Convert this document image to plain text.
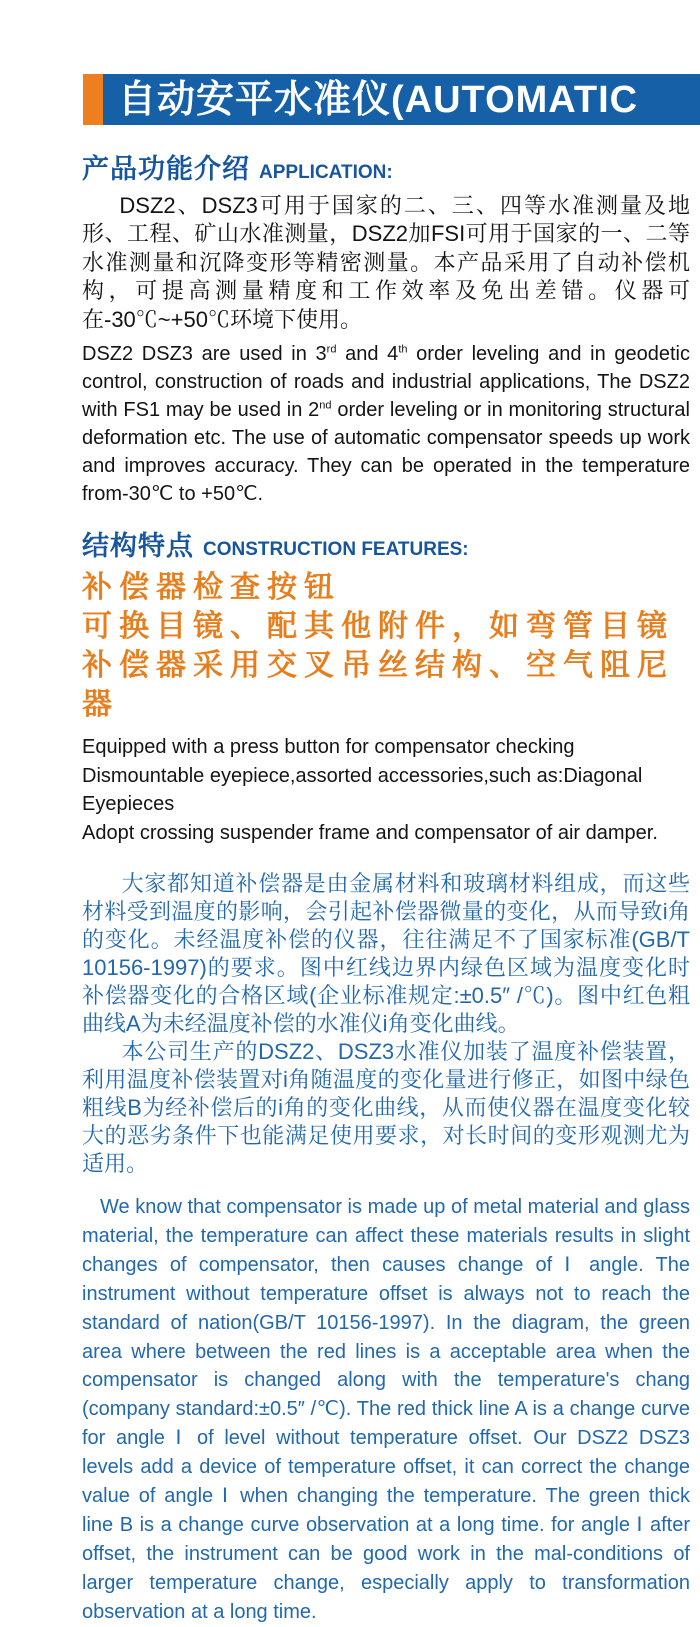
自动安平水准仪(AUTOMATIC
产品功能介绍 APPLICATION:

DSZ2、DSZ3可用于国家的二、三、四等水准测量及地形、工程、矿山水准测量，DSZ2加FSI可用于国家的一、二等水准测量和沉降变形等精密测量。本产品采用了自动补偿机构，可提高测量精度和工作效率及免出差错。仪器可在-30℃~+50℃环境下使用。

DSZ2 DSZ3 are used in 3rd and 4th order leveling and in geodetic control, construction of roads and industrial applications, The DSZ2 with FS1 may be used in 2nd order leveling or in monitoring structural deformation etc. The use of automatic compensator speeds up work and improves accuracy. They can be operated in the temperature from-30℃ to +50℃.

结构特点 CONSTRUCTION FEATURES:
补偿器检查按钮
可换目镜、配其他附件，如弯管目镜
补偿器采用交叉吊丝结构、空气阻尼器
Equipped with a press button for compensator checking
Dismountable eyepiece,assorted accessories,such as:Diagonal Eyepieces
Adopt crossing suspender frame and compensator of air damper.

大家都知道补偿器是由金属材料和玻璃材料组成，而这些材料受到温度的影响，会引起补偿器微量的变化，从而导致i角的变化。未经温度补偿的仪器，往往满足不了国家标准(GB/T 10156-1997)的要求。图中红线边界内绿色区域为温度变化时补偿器变化的合格区域(企业标准规定:±0.5″ /℃)。图中红色粗曲线A为未经温度补偿的水准仪i角变化曲线。

本公司生产的DSZ2、DSZ3水准仪加装了温度补偿装置，利用温度补偿装置对i角随温度的变化量进行修正，如图中绿色粗线B为经补偿后的i角的变化曲线，从而使仪器在温度变化较大的恶劣条件下也能满足使用要求，对长时间的变形观测尤为适用。

We know that compensator is made up of metal material and glass material, the temperature can affect these materials results in slight changes of compensator, then causes change of Ⅰ angle. The instrument without temperature offset is always not to reach the standard of nation(GB/T 10156-1997). In the diagram, the green area where between the red lines is a acceptable area when the compensator is changed along with the temperature's chang (company standard:±0.5″ /℃). The red thick line A is a change curve for angle Ⅰ of level without temperature offset. Our DSZ2 DSZ3 levels add a device of temperature offset, it can correct the change value of angle Ⅰ when changing the temperature. The green thick line B is a change curve observation at a long time. for angle Ⅰ after offset, the instrument can be good work in the mal-conditions of larger temperature change, especially apply to transformation observation at a long time.
